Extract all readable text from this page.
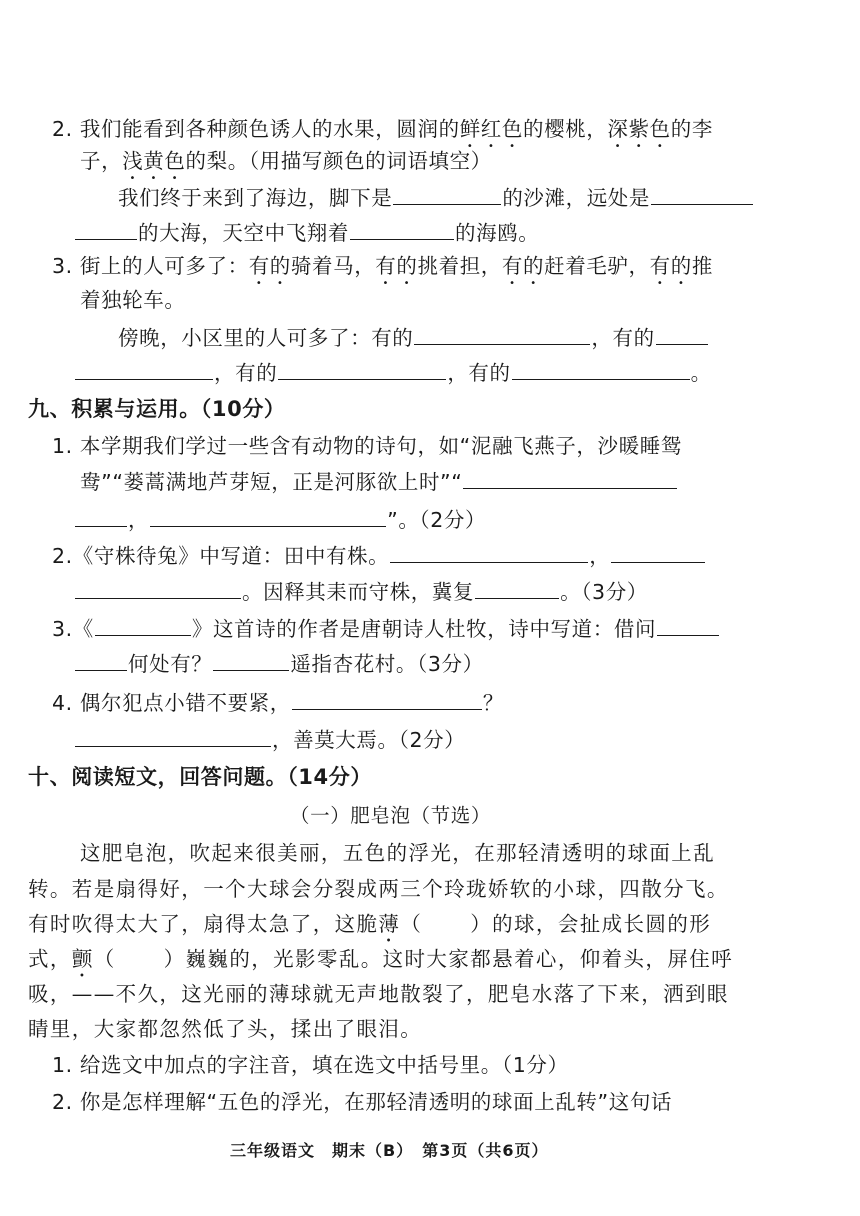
2. 我们能看到各种颜色诱人的水果，圆润的鲜红色的樱桃，深紫色的李
子，浅黄色的梨。（用描写颜色的词语填空）
我们终于来到了海边，脚下是	的沙滩，远处是
的大海，天空中飞翔着	的海鸥。
3. 街上的人可多了：有的骑着马，有的挑着担，有的赶着毛驴，有的推
着独轮车。
傍晚，小区里的人可多了：有的	，有的
，有的	，有的	。
九、积累与运用。（10分）
1. 本学期我们学过一些含有动物的诗句，如“泥融飞燕子，沙暖睡鸳
鸯”“蒌蒿满地芦芽短，正是河豚欲上时”“
，	”。（2分）
2.《守株待兔》中写道：田中有株。	，
。因释其耒而守株，冀复	。（3分）
3.《	》这首诗的作者是唐朝诗人杜牧，诗中写道：借问
何处有？	遥指杏花村。（3分）
4. 偶尔犯点小错不要紧，	？
，善莫大焉。（2分）
十、阅读短文，回答问题。（14分）
（一）肥皂泡（节选）
这肥皂泡，吹起来很美丽，五色的浮光，在那轻清透明的球面上乱
转。若是扇得好，一个大球会分裂成两三个玲珑娇软的小球，四散分飞。
有时吹得太大了，扇得太急了，这脆薄（ ）的球，会扯成长圆的形
式，颤（ ）巍巍的，光影零乱。这时大家都悬着心，仰着头，屏住呼
吸，——不久，这光丽的薄球就无声地散裂了，肥皂水落了下来，洒到眼
睛里，大家都忽然低了头，揉出了眼泪。
1. 给选文中加点的字注音，填在选文中括号里。（1分）
2. 你是怎样理解“五色的浮光，在那轻清透明的球面上乱转”这句话
三年级语文　期末（B）　第3页（共6页）
